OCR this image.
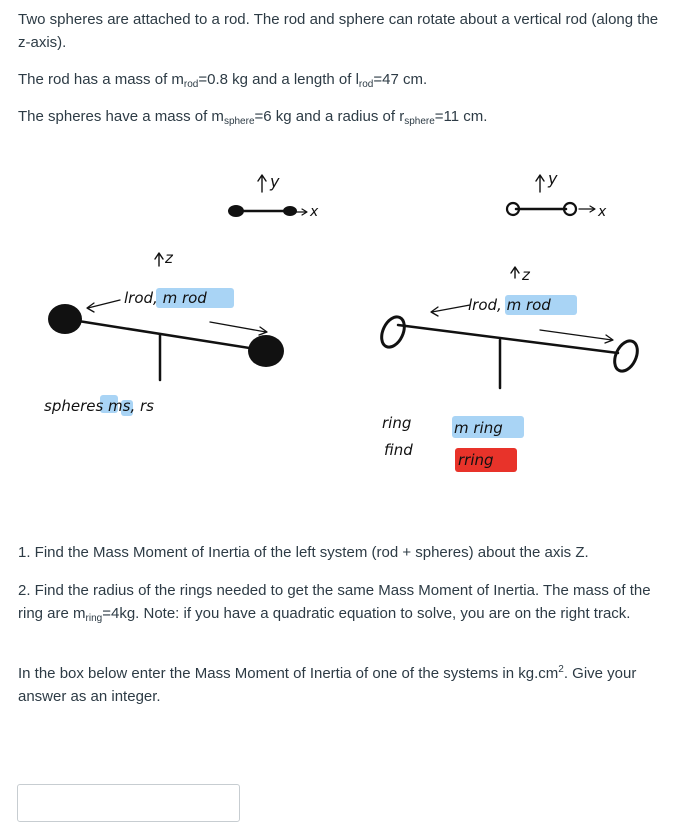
Two spheres are attached to a rod. The rod and sphere can rotate about a vertical rod (along the z-axis).

The rod has a mass of $m_{rod}=0.8$ kg and a length of $l_{rod}=47$ cm.

The spheres have a mass of $m_{sphere}=6$ kg and a radius of $r_{sphere}=11$ cm.

y
x
y
x
z
z
lrod, m rod
spheres ms, rs
lrod, m rod
ring
find
m ring
rring

1. Find the Mass Moment of Inertia of the left system (rod + spheres) about the axis Z.

2. Find the radius of the rings needed to get the same Mass Moment of Inertia. The mass of the ring are $m_{ring}=4kg$. Note: if you have a quadratic equation to solve, you are on the right track.

In the box below enter the Mass Moment of Inertia of one of the systems in $kg.cm^2$. Give your answer as an integer.
